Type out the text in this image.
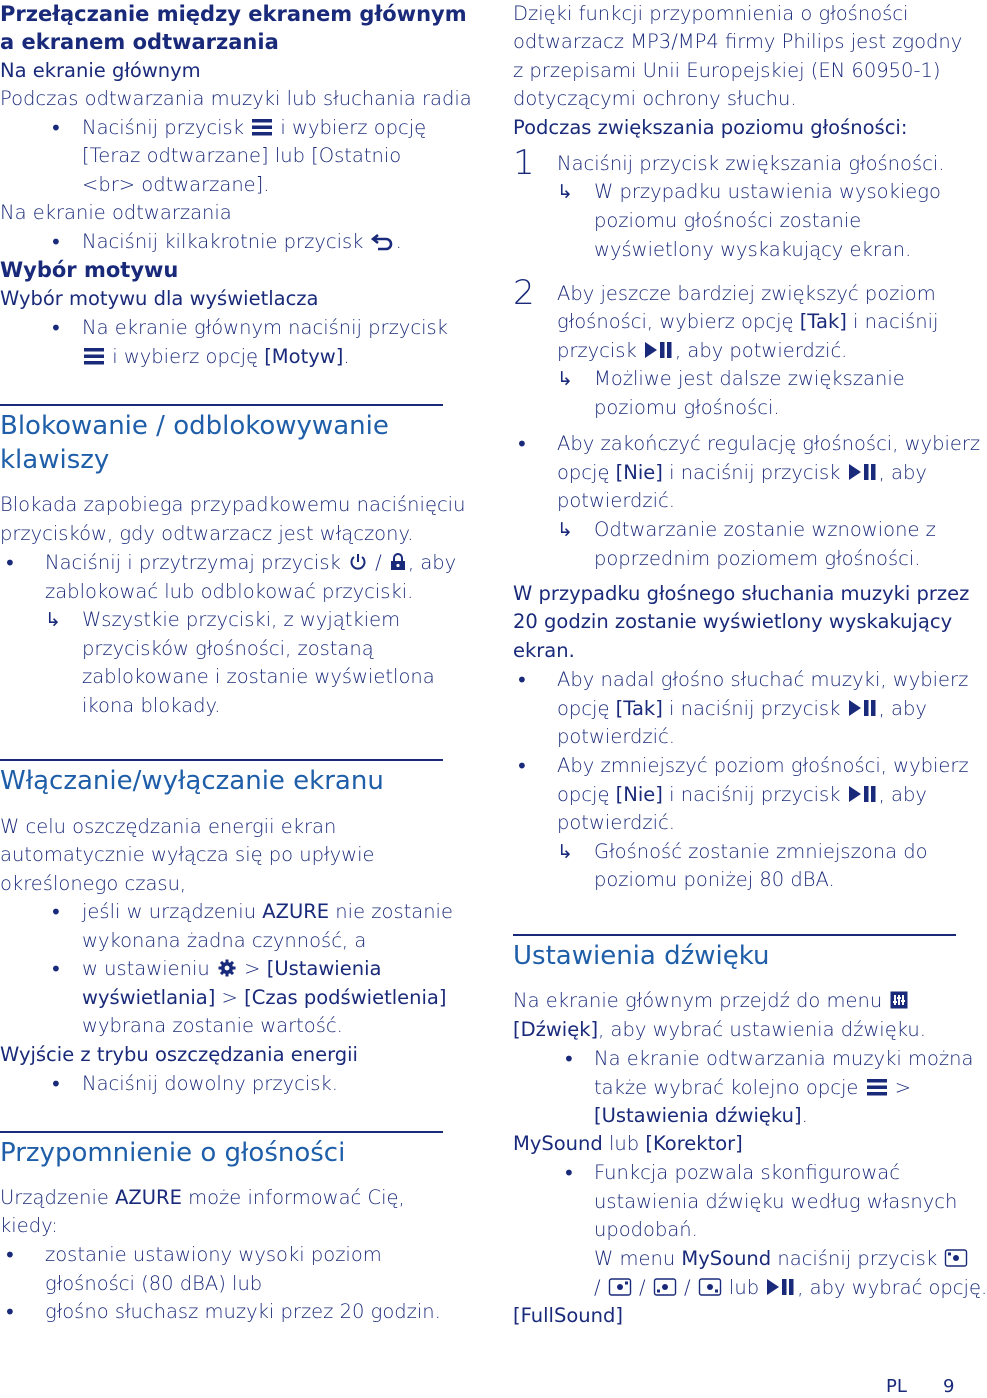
Przełączanie między ekranem głównym
a ekranem odtwarzania
Na ekranie głównym
Podczas odtwarzania muzyki lub słuchania radia
• Naciśnij przycisk  i wybierz opcję
[Teraz odtwarzane] lub [Ostatnio
<br> odtwarzane].
Na ekranie odtwarzania
• Naciśnij kilkakrotnie przycisk .
Wybór motywu
Wybór motywu dla wyświetlacza
• Na ekranie głównym naciśnij przycisk
i wybierz opcję [Motyw].
Blokowanie / odblokowywanie
klawiszy
Blokada zapobiega przypadkowemu naciśnięciu
przycisków, gdy odtwarzacz jest włączony.
• Naciśnij i przytrzymaj przycisk  / , aby
zablokować lub odblokować przyciski.
↳ Wszystkie przyciski, z wyjątkiem
przycisków głośności, zostaną
zablokowane i zostanie wyświetlona
ikona blokady.
Włączanie/wyłączanie ekranu
W celu oszczędzania energii ekran
automatycznie wyłącza się po upływie
określonego czasu,
• jeśli w urządzeniu AZURE nie zostanie
wykonana żadna czynność, a
• w ustawieniu  > [Ustawienia
wyświetlania] > [Czas podświetlenia]
wybrana zostanie wartość.
Wyjście z trybu oszczędzania energii
• Naciśnij dowolny przycisk.
Przypomnienie o głośności
Urządzenie AZURE może informować Cię,
kiedy:
• zostanie ustawiony wysoki poziom
głośności (80 dBA) lub
• głośno słuchasz muzyki przez 20 godzin.
Dzięki funkcji przypomnienia o głośności
odtwarzacz MP3/MP4 firmy Philips jest zgodny
z przepisami Unii Europejskiej (EN 60950-1)
dotyczącymi ochrony słuchu.
Podczas zwiększania poziomu głośności:
1 Naciśnij przycisk zwiększania głośności.
↳ W przypadku ustawienia wysokiego
poziomu głośności zostanie
wyświetlony wyskakujący ekran.
2 Aby jeszcze bardziej zwiększyć poziom
głośności, wybierz opcję [Tak] i naciśnij
przycisk , aby potwierdzić.
↳ Możliwe jest dalsze zwiększanie
poziomu głośności.
• Aby zakończyć regulację głośności, wybierz
opcję [Nie] i naciśnij przycisk , aby
potwierdzić.
↳ Odtwarzanie zostanie wznowione z
poprzednim poziomem głośności.
W przypadku głośnego słuchania muzyki przez
20 godzin zostanie wyświetlony wyskakujący
ekran.
• Aby nadal głośno słuchać muzyki, wybierz
opcję [Tak] i naciśnij przycisk , aby
potwierdzić.
• Aby zmniejszyć poziom głośności, wybierz
opcję [Nie] i naciśnij przycisk , aby
potwierdzić.
↳ Głośność zostanie zmniejszona do
poziomu poniżej 80 dBA.
Ustawienia dźwięku
Na ekranie głównym przejdź do menu
[Dźwięk], aby wybrać ustawienia dźwięku.
• Na ekranie odtwarzania muzyki można
także wybrać kolejno opcje  >
[Ustawienia dźwięku].
MySound lub [Korektor]
• Funkcja pozwala skonfigurować
ustawienia dźwięku według własnych
upodobań.
W menu MySound naciśnij przycisk
/  /  /  lub , aby wybrać opcję.
[FullSound]
PL 9
